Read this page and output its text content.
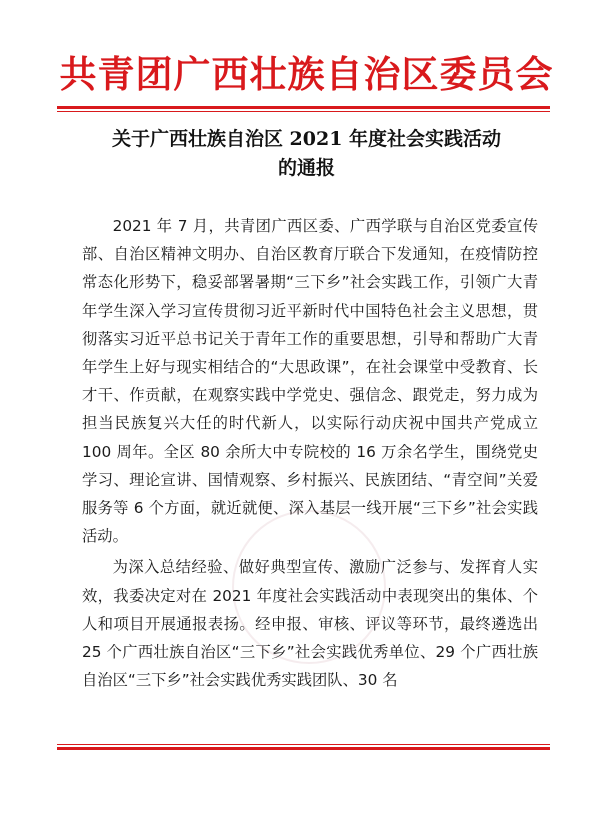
共青团广西壮族自治区委员会
关于广西壮族自治区 2021 年度社会实践活动
的通报

2021 年 7 月，共青团广西区委、广西学联与自治区党委宣传部、自治区精神文明办、自治区教育厅联合下发通知，在疫情防控常态化形势下，稳妥部署暑期“三下乡”社会实践工作，引领广大青年学生深入学习宣传贯彻习近平新时代中国特色社会主义思想，贯彻落实习近平总书记关于青年工作的重要思想，引导和帮助广大青年学生上好与现实相结合的“大思政课”，在社会课堂中受教育、长才干、作贡献，在观察实践中学党史、强信念、跟党走，努力成为担当民族复兴大任的时代新人，以实际行动庆祝中国共产党成立 100 周年。全区 80 余所大中专院校的 16 万余名学生，围绕党史学习、理论宣讲、国情观察、乡村振兴、民族团结、“青空间”关爱服务等 6 个方面，就近就便、深入基层一线开展“三下乡”社会实践活动。

为深入总结经验、做好典型宣传、激励广泛参与、发挥育人实效，我委决定对在 2021 年度社会实践活动中表现突出的集体、个人和项目开展通报表扬。经申报、审核、评议等环节，最终遴选出 25 个广西壮族自治区“三下乡”社会实践优秀单位、29 个广西壮族自治区“三下乡”社会实践优秀实践团队、30 名
